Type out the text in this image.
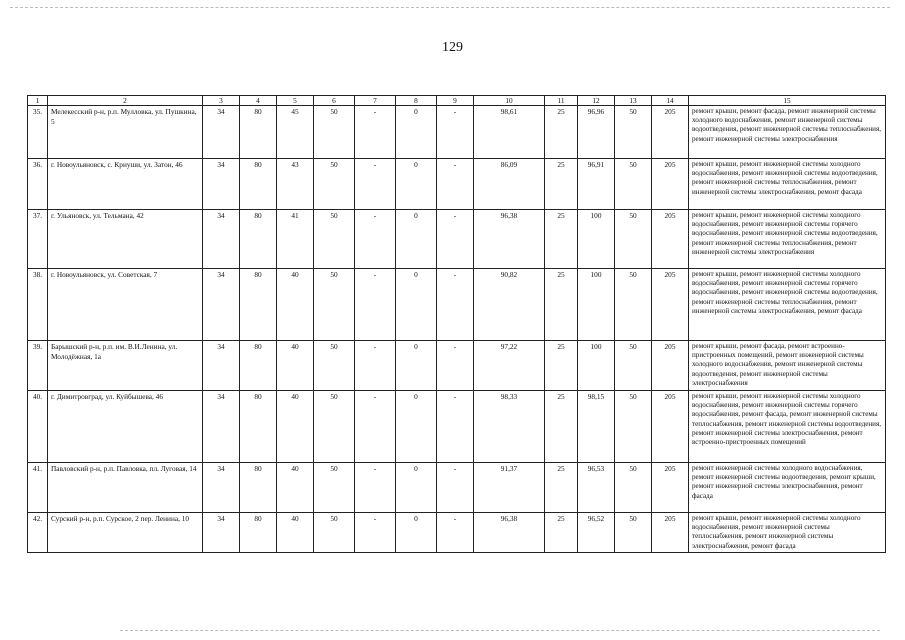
129
1	2	3	4	5	6	7	8	9	10	11	12	13	14	15
35.	Мелекесский р-н, р.п. Мулловка, ул. Пушкина, 5	34	80	45	50	-	0	-	98,61	25	96,96	50	205	ремонт крыши, ремонт фасада, ремонт инженерной системы холодного водоснабжения, ремонт инженерной системы водоотведения, ремонт инженерной системы теплоснабжения, ремонт инженерной системы электроснабжения
36.	г. Новоульяновск, с. Криуши, ул. Затон, 46	34	80	43	50	-	0	-	86,09	25	96,91	50	205	ремонт крыши, ремонт инженерной системы холодного водоснабжения, ремонт инженерной системы водоотведения, ремонт инженерной системы теплоснабжения, ремонт инженерной системы электроснабжения, ремонт фасада
37.	г. Ульяновск, ул. Тельмана, 42	34	80	41	50	-	0	-	96,38	25	100	50	205	ремонт крыши, ремонт инженерной системы холодного водоснабжения, ремонт инженерной системы горячего водоснабжения, ремонт инженерной системы водоотведения, ремонт инженерной системы теплоснабжения, ремонт инженерной системы электроснабжения
38.	г. Новоульяновск, ул. Советская, 7	34	80	40	50	-	0	-	90,82	25	100	50	205	ремонт крыши, ремонт инженерной системы холодного водоснабжения, ремонт инженерной системы горячего водоснабжения, ремонт инженерной системы водоотведения, ремонт инженерной системы теплоснабжения, ремонт инженерной системы электроснабжения, ремонт фасада
39.	Барышский р-н, р.п. им. В.И.Ленина, ул. Молодёжная, 1а	34	80	40	50	-	0	-	97,22	25	100	50	205	ремонт крыши, ремонт фасада, ремонт встроенно-пристроенных помещений, ремонт инженерной системы холодного водоснабжения, ремонт инженерной системы водоотведения, ремонт инженерной системы электроснабжения
40.	г. Димитровград, ул. Куйбышева, 46	34	80	40	50	-	0	-	98,33	25	98,15	50	205	ремонт крыши, ремонт инженерной системы холодного водоснабжения, ремонт инженерной системы горячего водоснабжения, ремонт фасада, ремонт инженерной системы теплоснабжения, ремонт инженерной системы водоотведения, ремонт инженерной системы электроснабжения, ремонт встроенно-пристроенных помещений
41.	Павловский р-н, р.п. Павловка, пл. Луговая, 14	34	80	40	50	-	0	-	91,37	25	96,53	50	205	ремонт инженерной системы холодного водоснабжения, ремонт инженерной системы водоотведения, ремонт крыши, ремонт инженерной системы электроснабжения, ремонт фасада
42.	Сурский р-н, р.п. Сурское, 2 пер. Ленина, 10	34	80	40	50	-	0	-	96,38	25	96,52	50	205	ремонт крыши, ремонт инженерной системы холодного водоснабжения, ремонт инженерной системы теплоснабжения, ремонт инженерной системы электроснабжения, ремонт фасада
